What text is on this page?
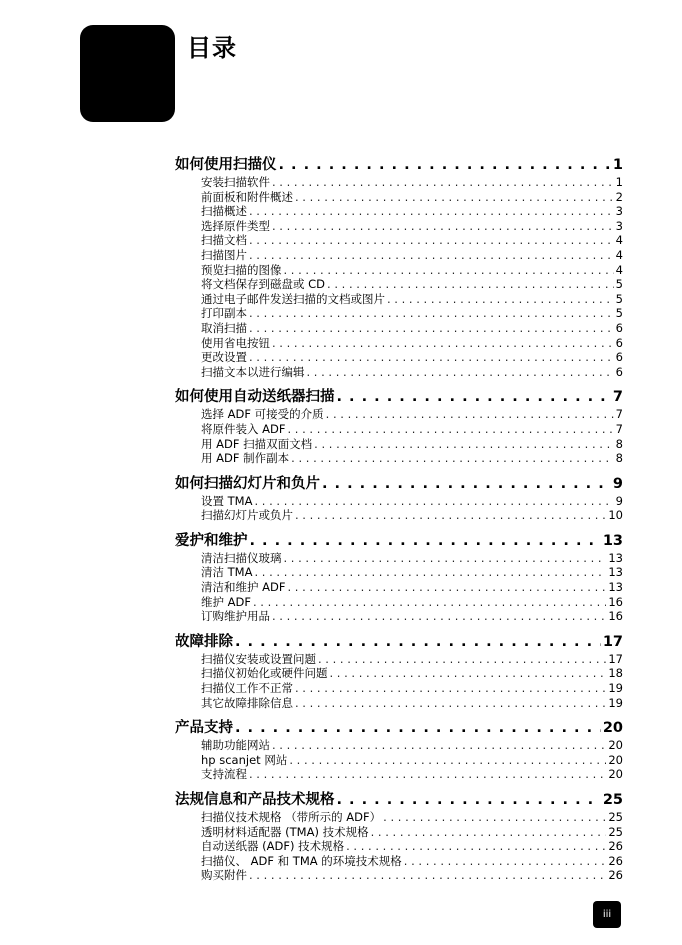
目录
如何使用扫描仪 . . .	1
安装扫描软件 . . .	1
前面板和附件概述 . . .	2
扫描概述 . . .	3
选择原件类型 . . .	3
扫描文档 . . .	4
扫描图片 . . .	4
预览扫描的图像 . . .	4
将文档保存到磁盘或 CD . . .	5
通过电子邮件发送扫描的文档或图片 . . .	5
打印副本 . . .	5
取消扫描 . . .	6
使用省电按钮 . . .	6
更改设置 . . .	6
扫描文本以进行编辑 . . .	6
如何使用自动送纸器扫描 . . .	7
选择 ADF 可接受的介质 . . .	7
将原件装入 ADF . . .	7
用 ADF 扫描双面文档 . . .	8
用 ADF 制作副本 . . .	8
如何扫描幻灯片和负片 . . .	9
设置 TMA . . .	9
扫描幻灯片或负片 . . .	10
爱护和维护 . . .	13
清洁扫描仪玻璃 . . .	13
清洁 TMA . . .	13
清洁和维护 ADF . . .	13
维护 ADF . . .	16
订购维护用品 . . .	16
故障排除 . . .	17
扫描仪安装或设置问题 . . .	17
扫描仪初始化或硬件问题 . . .	18
扫描仪工作不正常 . . .	19
其它故障排除信息 . . .	19
产品支持 . . .	20
辅助功能网站 . . .	20
hp scanjet 网站 . . .	20
支持流程 . . .	20
法规信息和产品技术规格 . . .	25
扫描仪技术规格 （带所示的 ADF） . . .	25
透明材料适配器 (TMA) 技术规格 . . .	25
自动送纸器 (ADF) 技术规格 . . .	26
扫描仪、 ADF 和 TMA 的环境技术规格 . . .	26
购买附件 . . .	26
iii
